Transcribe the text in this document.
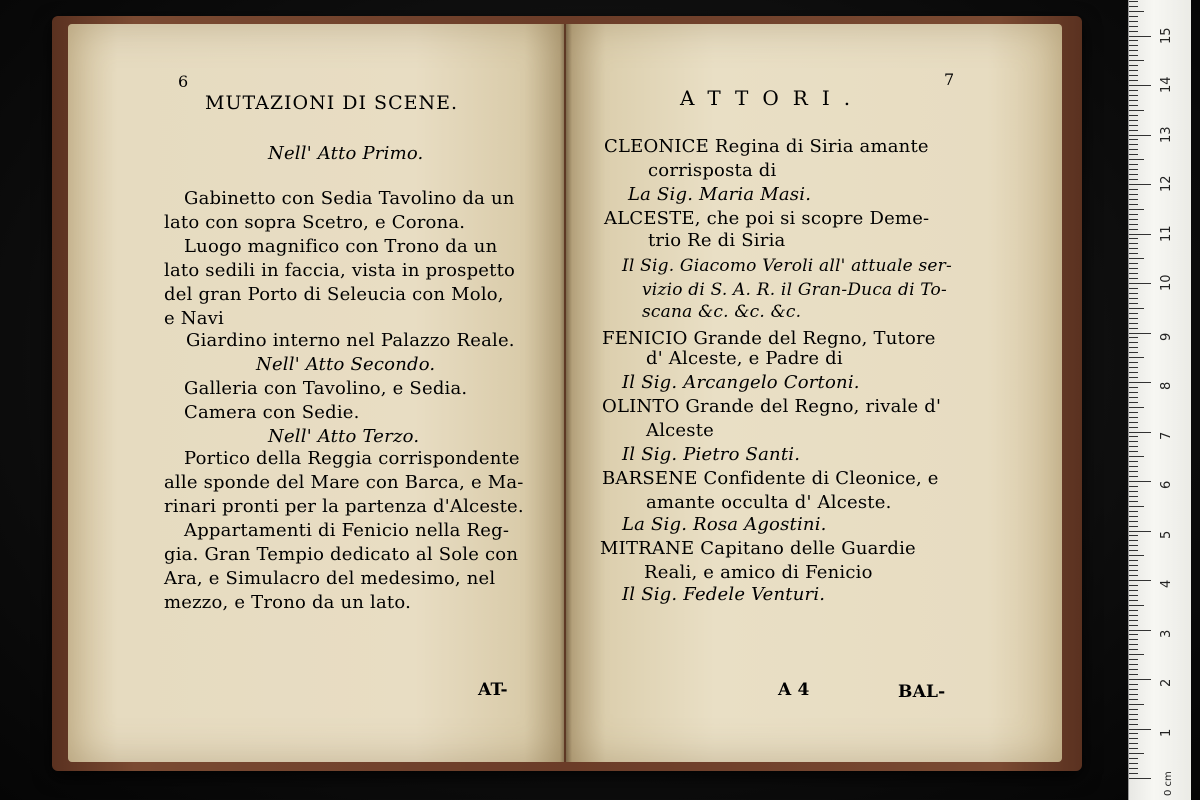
6
MUTAZIONI DI SCENE.
Nell' Atto Primo.
Gabinetto con Sedia Tavolino da un
lato con sopra Scetro, e Corona.
Luogo magnifico con Trono da un
lato sedili in faccia, vista in prospetto
del gran Porto di Seleucia con Molo,
e Navi
Giardino interno nel Palazzo Reale.
Nell' Atto Secondo.
Galleria con Tavolino, e Sedia.
Camera con Sedie.
Nell' Atto Terzo.
Portico della Reggia corrispondente
alle sponde del Mare con Barca, e Ma-
rinari pronti per la partenza d'Alceste.
Appartamenti di Fenicio nella Reg-
gia. Gran Tempio dedicato al Sole con
Ara, e Simulacro del medesimo, nel
mezzo, e Trono da un lato.
AT-
7
ATTORI.
CLEONICE Regina di Siria amante
corrisposta di
La Sig. Maria Masi.
ALCESTE, che poi si scopre Deme-
trio Re di Siria
Il Sig. Giacomo Veroli all' attuale ser-
vizio di S. A. R. il Gran-Duca di To-
scana &c. &c. &c.
FENICIO Grande del Regno, Tutore
d' Alceste, e Padre di
Il Sig. Arcangelo Cortoni.
OLINTO Grande del Regno, rivale d'
Alceste
Il Sig. Pietro Santi.
BARSENE Confidente di Cleonice, e
amante occulta d' Alceste.
La Sig. Rosa Agostini.
MITRANE Capitano delle Guardie
Reali, e amico di Fenicio
Il Sig. Fedele Venturi.
A 4	BAL-
0 cm
1
2
3
4
5
6
7
8
9
10
11
12
13
14
15
